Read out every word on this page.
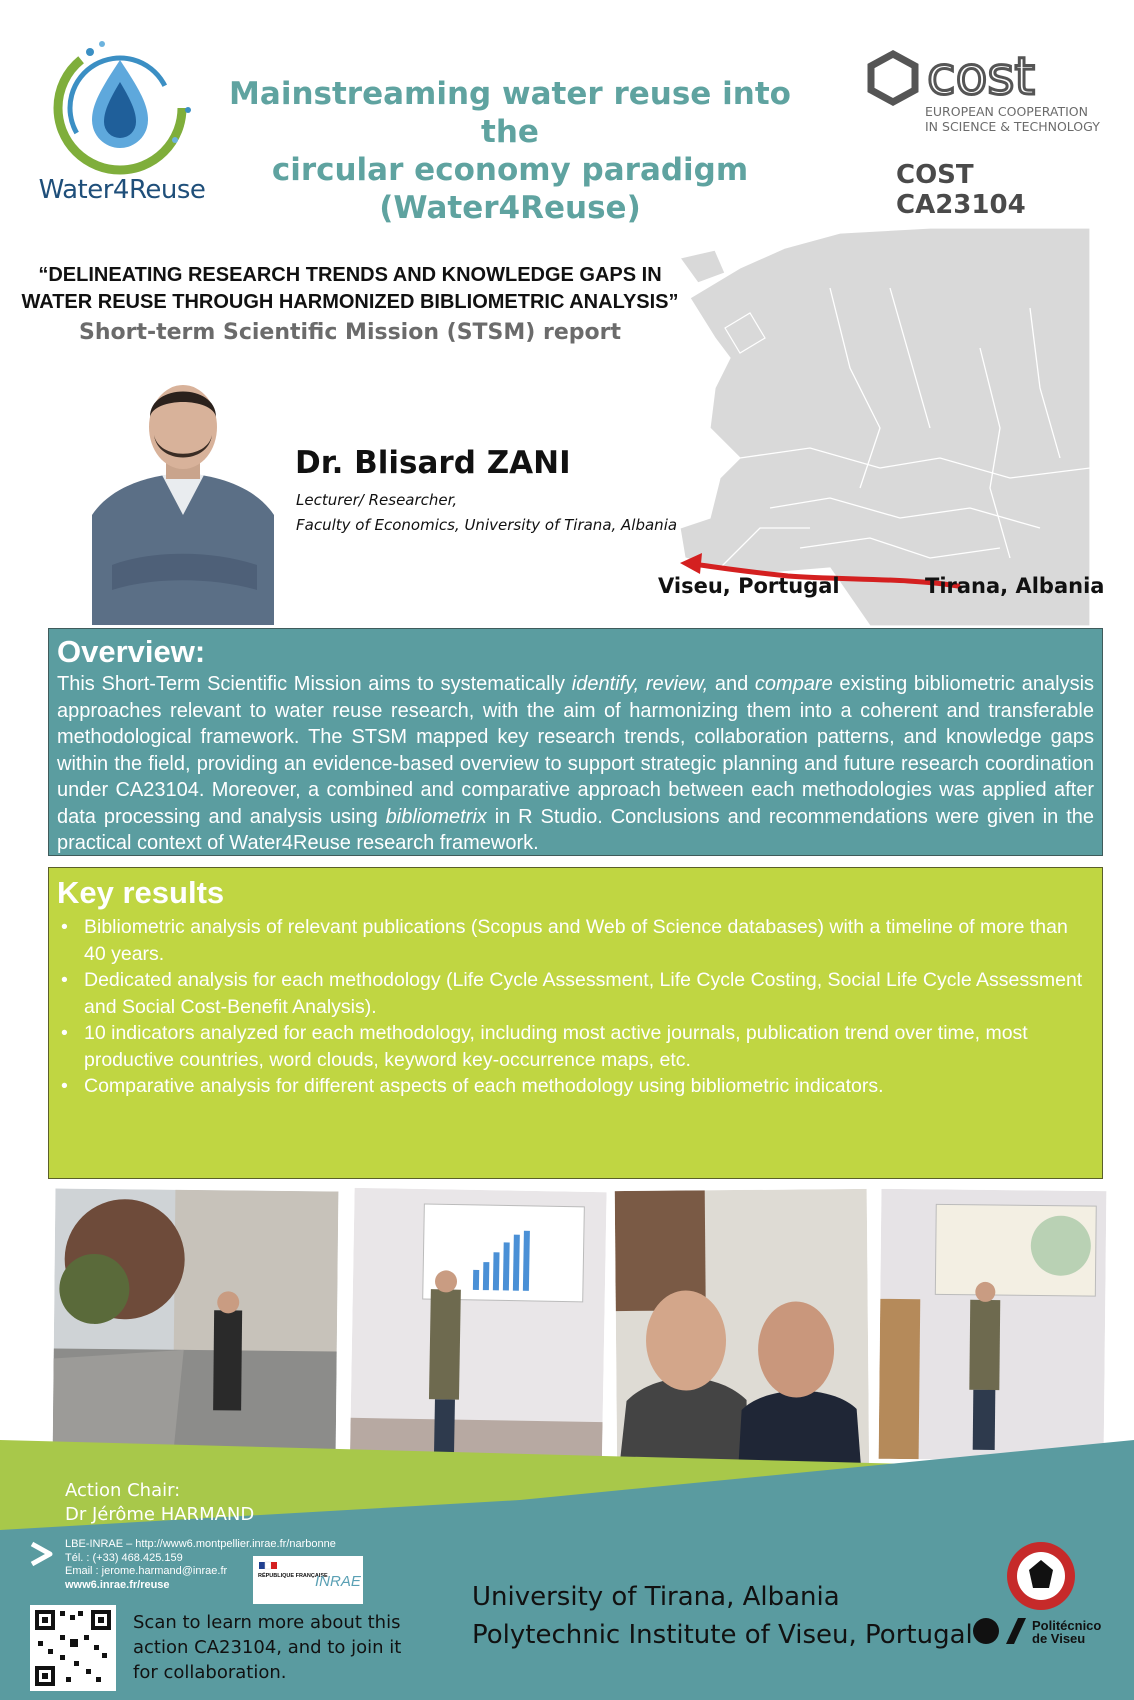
Water4Reuse
Mainstreaming water reuse into the
circular economy paradigm
(Water4Reuse)
cost
EUROPEAN COOPERATION
IN SCIENCE & TECHNOLOGY
COST CA23104
“DELINEATING RESEARCH TRENDS AND KNOWLEDGE GAPS IN
WATER REUSE THROUGH HARMONIZED BIBLIOMETRIC ANALYSIS”
Short-term Scientific Mission (STSM) report
Viseu, Portugal	Tirana, Albania
Dr. Blisard ZANI
Lecturer/ Researcher,
Faculty of Economics, University of Tirana, Albania
Overview:
This Short-Term Scientific Mission aims to systematically identify, review, and compare existing bibliometric analysis approaches relevant to water reuse research, with the aim of harmonizing them into a coherent and transferable methodological framework. The STSM mapped key research trends, collaboration patterns, and knowledge gaps within the field, providing an evidence-based overview to support strategic planning and future research coordination under CA23104. Moreover, a combined and comparative approach between each methodologies was applied after data processing and analysis using bibliometrix in R Studio. Conclusions and recommendations were given in the practical context of Water4Reuse research framework.
Key results
• Bibliometric analysis of relevant publications (Scopus and Web of Science databases) with a timeline of more than 40 years.
• Dedicated analysis for each methodology (Life Cycle Assessment, Life Cycle Costing, Social Life Cycle Assessment and Social Cost-Benefit Analysis).
• 10 indicators analyzed for each methodology, including most active journals, publication trend over time, most productive countries, word clouds, keyword key-occurrence maps, etc.
• Comparative analysis for different aspects of each methodology using bibliometric indicators.
Action Chair:
Dr Jérôme HARMAND
LBE-INRAE – http://www6.montpellier.inrae.fr/narbonne
Tél. : (+33) 468.425.159
Email : jerome.harmand@inrae.fr
www6.inrae.fr/reuse
RÉPUBLIQUE FRANÇAISE
INRAE
Scan to learn more about this action CA23104, and to join it for collaboration.
University of Tirana, Albania
Polytechnic Institute of Viseu, Portugal	Politécnico
de Viseu
